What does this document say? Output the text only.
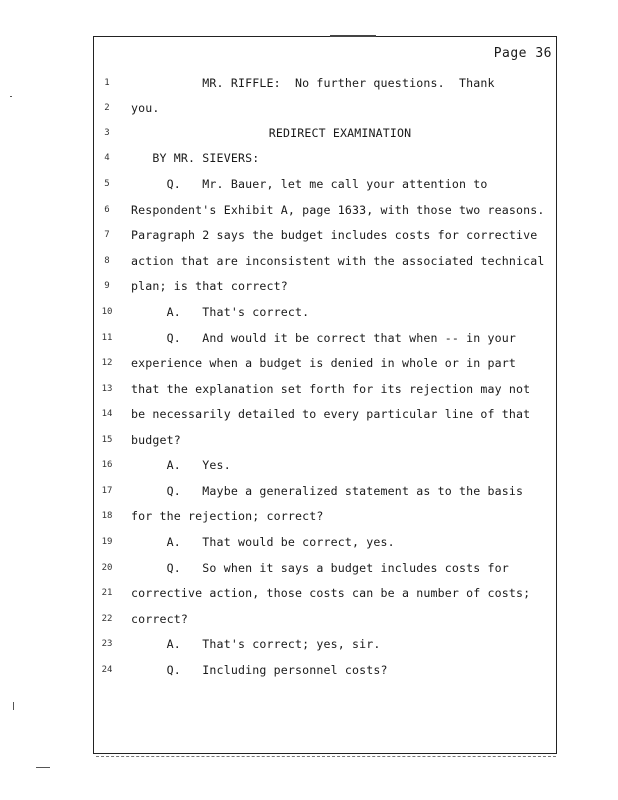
Page 36
1	MR. RIFFLE:  No further questions.  Thank
2	you.
3	REDIRECT EXAMINATION
4	BY MR. SIEVERS:
5	Q.   Mr. Bauer, let me call your attention to
6	Respondent's Exhibit A, page 1633, with those two reasons.
7	Paragraph 2 says the budget includes costs for corrective
8	action that are inconsistent with the associated technical
9	plan; is that correct?
10	A.   That's correct.
11	Q.   And would it be correct that when -- in your
12	experience when a budget is denied in whole or in part
13	that the explanation set forth for its rejection may not
14	be necessarily detailed to every particular line of that
15	budget?
16	A.   Yes.
17	Q.   Maybe a generalized statement as to the basis
18	for the rejection; correct?
19	A.   That would be correct, yes.
20	Q.   So when it says a budget includes costs for
21	corrective action, those costs can be a number of costs;
22	correct?
23	A.   That's correct; yes, sir.
24	Q.   Including personnel costs?
